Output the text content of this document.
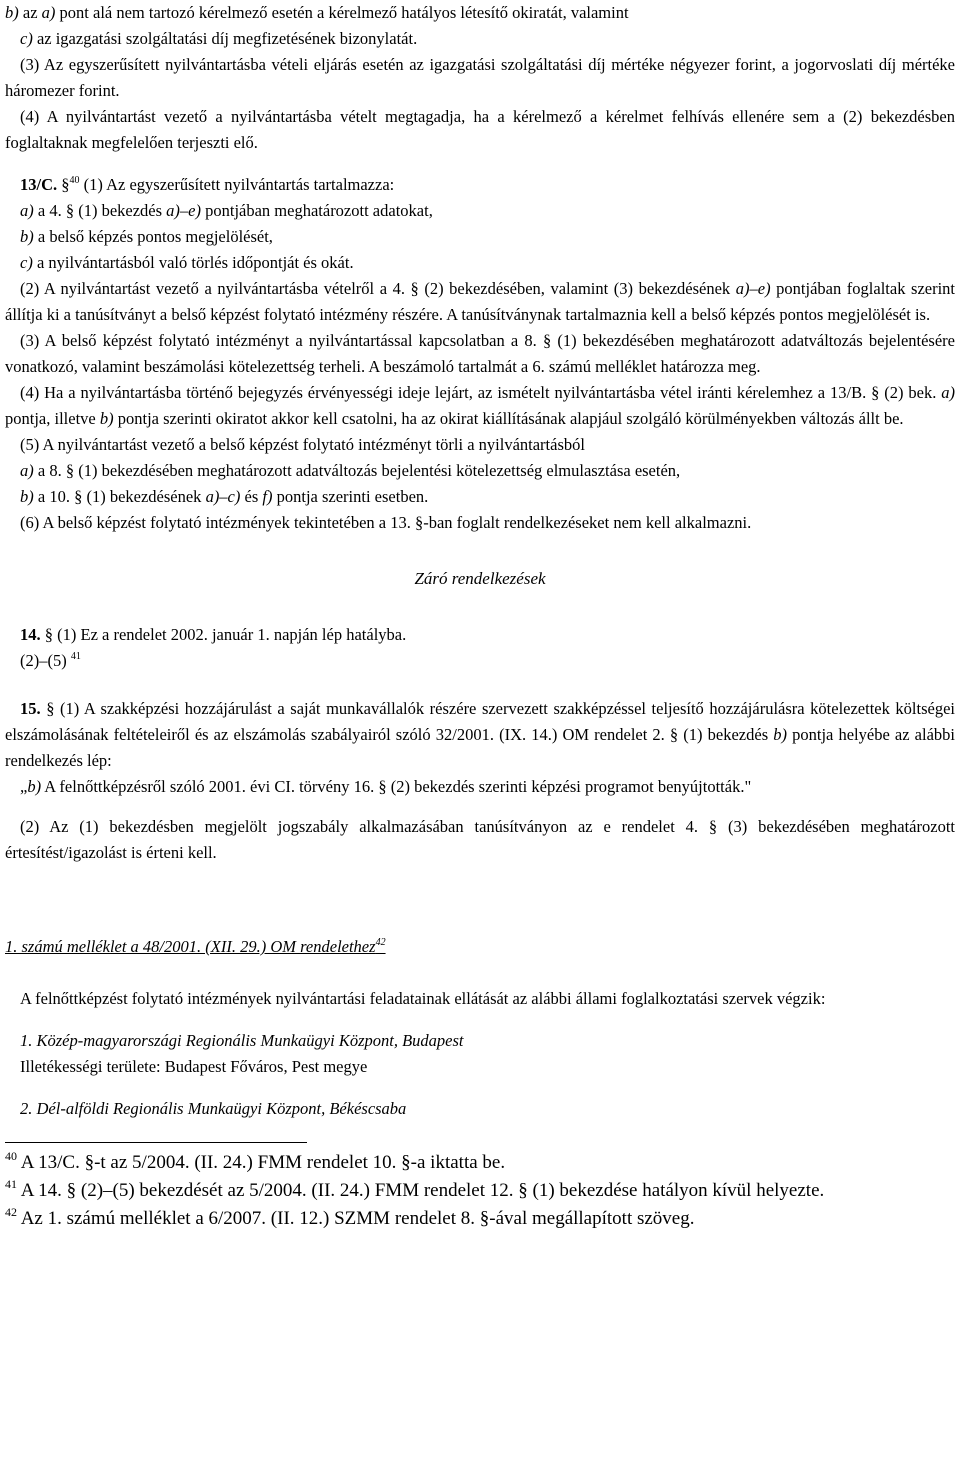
b) az a) pont alá nem tartozó kérelmező esetén a kérelmező hatályos létesítő okiratát, valamint

c) az igazgatási szolgáltatási díj megfizetésének bizonylatát.

(3) Az egyszerűsített nyilvántartásba vételi eljárás esetén az igazgatási szolgáltatási díj mértéke négyezer forint, a jogorvoslati díj mértéke háromezer forint.

(4) A nyilvántartást vezető a nyilvántartásba vételt megtagadja, ha a kérelmező a kérelmet felhívás ellenére sem a (2) bekezdésben foglaltaknak megfelelően terjeszti elő.

13/C. §$^{40}$ (1) Az egyszerűsített nyilvántartás tartalmazza:

a) a 4. § (1) bekezdés a)–e) pontjában meghatározott adatokat,

b) a belső képzés pontos megjelölését,

c) a nyilvántartásból való törlés időpontját és okát.

(2) A nyilvántartást vezető a nyilvántartásba vételről a 4. § (2) bekezdésében, valamint (3) bekezdésének a)–e) pontjában foglaltak szerint állítja ki a tanúsítványt a belső képzést folytató intézmény részére. A tanúsítványnak tartalmaznia kell a belső képzés pontos megjelölését is.

(3) A belső képzést folytató intézményt a nyilvántartással kapcsolatban a 8. § (1) bekezdésében meghatározott adatváltozás bejelentésére vonatkozó, valamint beszámolási kötelezettség terheli. A beszámoló tartalmát a 6. számú melléklet határozza meg.

(4) Ha a nyilvántartásba történő bejegyzés érvényességi ideje lejárt, az ismételt nyilvántartásba vétel iránti kérelemhez a 13/B. § (2) bek. a) pontja, illetve b) pontja szerinti okiratot akkor kell csatolni, ha az okirat kiállításának alapjául szolgáló körülményekben változás állt be.

(5) A nyilvántartást vezető a belső képzést folytató intézményt törli a nyilvántartásból

a) a 8. § (1) bekezdésében meghatározott adatváltozás bejelentési kötelezettség elmulasztása esetén,

b) a 10. § (1) bekezdésének a)–c) és f) pontja szerinti esetben.

(6) A belső képzést folytató intézmények tekintetében a 13. §-ban foglalt rendelkezéseket nem kell alkalmazni.

Záró rendelkezések

14. § (1) Ez a rendelet 2002. január 1. napján lép hatályba.

(2)–(5) $^{41}$

15. § (1) A szakképzési hozzájárulást a saját munkavállalók részére szervezett szakképzéssel teljesítő hozzájárulásra kötelezettek költségei elszámolásának feltételeiről és az elszámolás szabályairól szóló 32/2001. (IX. 14.) OM rendelet 2. § (1) bekezdés b) pontja helyébe az alábbi rendelkezés lép:

„b) A felnőttképzésről szóló 2001. évi CI. törvény 16. § (2) bekezdés szerinti képzési programot benyújtották."

(2) Az (1) bekezdésben megjelölt jogszabály alkalmazásában tanúsítványon az e rendelet 4. § (3) bekezdésében meghatározott értesítést/igazolást is érteni kell.

1. számú melléklet a 48/2001. (XII. 29.) OM rendelethez$^{42}$

A felnőttképzést folytató intézmények nyilvántartási feladatainak ellátását az alábbi állami foglalkoztatási szervek végzik:

1. Közép-magyarországi Regionális Munkaügyi Központ, Budapest

Illetékességi területe: Budapest Főváros, Pest megye

2. Dél-alföldi Regionális Munkaügyi Központ, Békéscsaba

$^{40}$ A 13/C. §-t az 5/2004. (II. 24.) FMM rendelet 10. §-a iktatta be.

$^{41}$ A 14. § (2)–(5) bekezdését az 5/2004. (II. 24.) FMM rendelet 12. § (1) bekezdése hatályon kívül helyezte.

$^{42}$ Az 1. számú melléklet a 6/2007. (II. 12.) SZMM rendelet 8. §-ával megállapított szöveg.
